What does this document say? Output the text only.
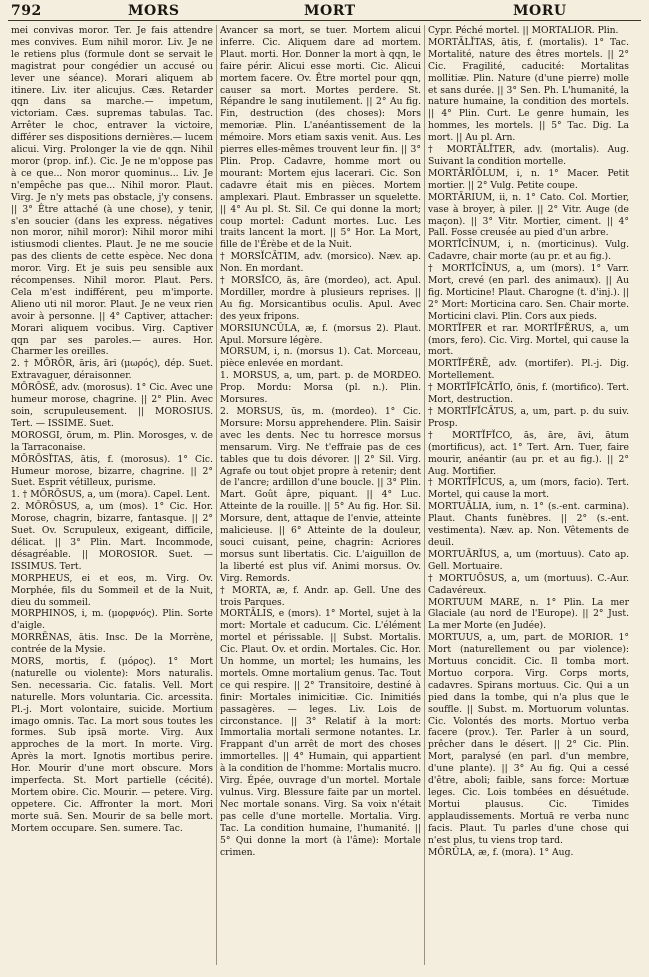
792	MORS	MORT	MORU

mei convivas moror. Ter. Je fais attendre mes convives. Eum nihil moror. Liv. Je ne le retiens plus (formule dont se servait le magistrat pour congédier un accusé ou lever une séance). Morari aliquem ab itinere. Liv. iter alicujus. Cæs. Retarder qqn dans sa marche.— impetum, victoriam. Cæs. supremas tabulas. Tac. Arrêter le choc, entraver la victoire, différer ses dispositions dernières.— lucem alicui. Virg. Prolonger la vie de qqn. Nihil moror (prop. inf.). Cic. Je ne m'oppose pas à ce que... Non moror quominus... Liv. Je n'empêche pas que... Nihil moror. Plaut. Virg. Je n'y mets pas obstacle, j'y consens. || 3° Être attaché (à une chose), y tenir, s'en soucier (dans les express. négatives non moror, nihil moror): Nihil moror mihi istiusmodi clientes. Plaut. Je ne me soucie pas des clients de cette espèce. Nec dona moror. Virg. Et je suis peu sensible aux récompenses. Nihil moror. Plaut. Pers. Cela m'est indifférent, peu m'importe. Alieno uti nil moror. Plaut. Je ne veux rien avoir à personne. || 4° Captiver, attacher: Morari aliquem vocibus. Virg. Captiver qqn par ses paroles.— aures. Hor. Charmer les oreilles.

2. † MŌRŎR, āris, āri (μωρός), dép. Suet. Extravaguer, déraisonner.

MŌRŌSÉ, adv. (morosus). 1° Cic. Avec une humeur morose, chagrine. || 2° Plin. Avec soin, scrupuleusement. || MOROSIUS. Tert. — ISSIME. Suet.

MOROSGI, ōrum, m. Plin. Morosges, v. de la Tarraconaise.

MŌRŌSĬTAS, ātis, f. (morosus). 1° Cic. Humeur morose, bizarre, chagrine. || 2° Suet. Esprit vétilleux, purisme.

1. † MŌRŌSUS, a, um (mora). Capel. Lent.

2. MŌRŌSUS, a, um (mos). 1° Cic. Hor. Morose, chagrin, bizarre, fantasque. || 2° Suet. Ov. Scrupuleux, exigeant, difficile, délicat. || 3° Plin. Mart. Incommode, désagréable. || MOROSIOR. Suet. — ISSIMUS. Tert.

MORPHEUS, ei et eos, m. Virg. Ov. Morphée, fils du Sommeil et de la Nuit, dieu du sommeil.

MORPHINOS, i, m. (μορφνός). Plin. Sorte d'aigle.

MORRĒNAS, ātis. Insc. De la Morrène, contrée de la Mysie.

MORS, mortis, f. (μόρος). 1° Mort (naturelle ou violente): Mors naturalis. Sen. necessaria. Cic. fatalis. Vell. Mort naturelle. Mors voluntaria. Cic. arcessita. Pl.-j. Mort volontaire, suicide. Mortium imago omnis. Tac. La mort sous toutes les formes. Sub ipsā morte. Virg. Aux approches de la mort. In morte. Virg. Après la mort. Ignotis mortibus perire. Hor. Mourir d'une mort obscure. Mors imperfecta. St. Mort partielle (cécité). Mortem obire. Cic. Mourir. — petere. Virg. oppetere. Cic. Affronter la mort. Mori morte suā. Sen. Mourir de sa belle mort. Mortem occupare. Sen. sumere. Tac.

Avancer sa mort, se tuer. Mortem alicui inferre. Cic. Aliquem dare ad mortem. Plaut. morti. Hor. Donner la mort à qqn, le faire périr. Alicui esse morti. Cic. Alicui mortem facere. Ov. Être mortel pour qqn, causer sa mort. Mortes perdere. St. Répandre le sang inutilement. || 2° Au fig. Fin, destruction (des choses): Mors memoriæ. Plin. L'anéantissement de la mémoire. Mors etiam saxis venit. Aus. Les pierres elles-mêmes trouvent leur fin. || 3° Plin. Prop. Cadavre, homme mort ou mourant: Mortem ejus lacerari. Cic. Son cadavre était mis en pièces. Mortem amplexari. Plaut. Embrasser un squelette. || 4° Au pl. St. Sil. Ce qui donne la mort; coup mortel: Cadunt mortes. Luc. Les traits lancent la mort. || 5° Hor. La Mort, fille de l'Érèbe et de la Nuit.

† MORSĬCĀTIM, adv. (morsico). Næv. ap. Non. En mordant.

† MORSĬCO, ās, āre (mordeo), act. Apul. Mordiller, mordre à plusieurs reprises. || Au fig. Morsicantibus oculis. Apul. Avec des yeux fripons.

MORSIUNCŬLA, æ, f. (morsus 2). Plaut. Apul. Morsure légère.

MORSUM, i, n. (morsus 1). Cat. Morceau, pièce enlevée en mordant.

1. MORSUS, a, um, part. p. de MORDEO. Prop. Mordu: Morsa (pl. n.). Plin. Morsures.

2. MORSUS, ūs, m. (mordeo). 1° Cic. Morsure: Morsu apprehendere. Plin. Saisir avec les dents. Nec tu horresce morsus mensarum. Virg. Ne t'effraie pas de ces tables que tu dois dévorer. || 2° Sil. Virg. Agrafe ou tout objet propre à retenir; dent de l'ancre; ardillon d'une boucle. || 3° Plin. Mart. Goût âpre, piquant. || 4° Luc. Atteinte de la rouille. || 5° Au fig. Hor. Sil. Morsure, dent, attaque de l'envie, atteinte malicieuse. || 6° Atteinte de la douleur, souci cuisant, peine, chagrin: Acriores morsus sunt libertatis. Cic. L'aiguillon de la liberté est plus vif. Animi morsus. Ov. Virg. Remords.

† MORTA, æ, f. Andr. ap. Gell. Une des trois Parques.

MORTĀLIS, e (mors). 1° Mortel, sujet à la mort: Mortale et caducum. Cic. L'élément mortel et périssable. || Subst. Mortalis. Cic. Plaut. Ov. et ordin. Mortales. Cic. Hor. Un homme, un mortel; les humains, les mortels. Omne mortalium genus. Tac. Tout ce qui respire. || 2° Transitoire, destiné à finir: Mortales inimicitiæ. Cic. Inimitiés passagères. — leges. Liv. Lois de circonstance. || 3° Relatif à la mort: Immortalia mortali sermone notantes. Lr. Frappant d'un arrêt de mort des choses immortelles. || 4° Humain, qui appartient à la condition de l'homme: Mortalis mucro. Virg. Épée, ouvrage d'un mortel. Mortale vulnus. Virg. Blessure faite par un mortel. Nec mortale sonans. Virg. Sa voix n'était pas celle d'une mortelle. Mortalia. Virg. Tac. La condition humaine, l'humanité. || 5° Qui donne la mort (à l'âme): Mortale crimen.

Cypr. Péché mortel. || MORTALIOR. Plin.

MORTĀLĬTAS, ātis, f. (mortalis). 1° Tac. Mortalité, nature des êtres mortels. || 2° Cic. Fragilité, caducité: Mortalitas mollitiæ. Plin. Nature (d'une pierre) molle et sans durée. || 3° Sen. Ph. L'humanité, la nature humaine, la condition des mortels. || 4° Plin. Curt. Le genre humain, les hommes, les mortels. || 5° Tac. Dig. La mort. || Au pl. Arn.

† MORTĀLĬTER, adv. (mortalis). Aug. Suivant la condition mortelle.

MORTĀRĬŎLUM, i, n. 1° Macer. Petit mortier. || 2° Vulg. Petite coupe.

MORTĀRIUM, ii, n. 1° Cato. Col. Mortier, vase à broyer, à piler. || 2° Vitr. Auge (de maçon). || 3° Vitr. Mortier, ciment. || 4° Pall. Fosse creusée au pied d'un arbre.

MORTĬCĪNUM, i, n. (morticinus). Vulg. Cadavre, chair morte (au pr. et au fig.).

† MORTĬCĪNUS, a, um (mors). 1° Varr. Mort, crevé (en parl. des animaux). || Au fig. Morticine! Plaut. Charogne (t. d'inj.). || 2° Mort: Morticina caro. Sen. Chair morte. Morticini clavi. Plin. Cors aux pieds.

MORTĬFER et rar. MORTĬFĔRUS, a, um (mors, fero). Cic. Virg. Mortel, qui cause la mort.

MORTĬFĔRĒ, adv. (mortifer). Pl.-j. Dig. Mortellement.

† MORTĬFĬCĀTĬO, ōnis, f. (mortifico). Tert. Mort, destruction.

† MORTĬFĬCĀTUS, a, um, part. p. du suiv. Prosp.

† MORTĬFĬCO, ās, āre, āvi, ātum (mortificus), act. 1° Tert. Arn. Tuer, faire mourir, anéantir (au pr. et au fig.). || 2° Aug. Mortifier.

† MORTĬFĬCUS, a, um (mors, facio). Tert. Mortel, qui cause la mort.

MORTUĀLIA, ium, n. 1° (s.-ent. carmina). Plaut. Chants funèbres. || 2° (s.-ent. vestimenta). Næv. ap. Non. Vêtements de deuil.

MORTUĀRĬUS, a, um (mortuus). Cato ap. Gell. Mortuaire.

† MORTUŌSUS, a, um (mortuus). C.-Aur. Cadavéreux.

MORTUUM MARE, n. 1° Plin. La mer Glaciale (au nord de l'Europe). || 2° Just. La mer Morte (en Judée).

MORTUUS, a, um, part. de MORIOR. 1° Mort (naturellement ou par violence): Mortuus concidit. Cic. Il tomba mort. Mortuo corpora. Virg. Corps morts, cadavres. Spirans mortuus. Cic. Qui a un pied dans la tombe, qui n'a plus que le souffle. || Subst. m. Mortuorum voluntas. Cic. Volontés des morts. Mortuo verba facere (prov.). Ter. Parler à un sourd, prêcher dans le désert. || 2° Cic. Plin. Mort, paralysé (en parl. d'un membre, d'une plante). || 3° Au fig. Qui a cessé d'être, aboli; faible, sans force: Mortuæ leges. Cic. Lois tombées en désuétude. Mortui plausus. Cic. Timides applaudissements. Mortuā re verba nunc facis. Plaut. Tu parles d'une chose qui n'est plus, tu viens trop tard.

MŌRŬLA, æ, f. (mora). 1° Aug.
